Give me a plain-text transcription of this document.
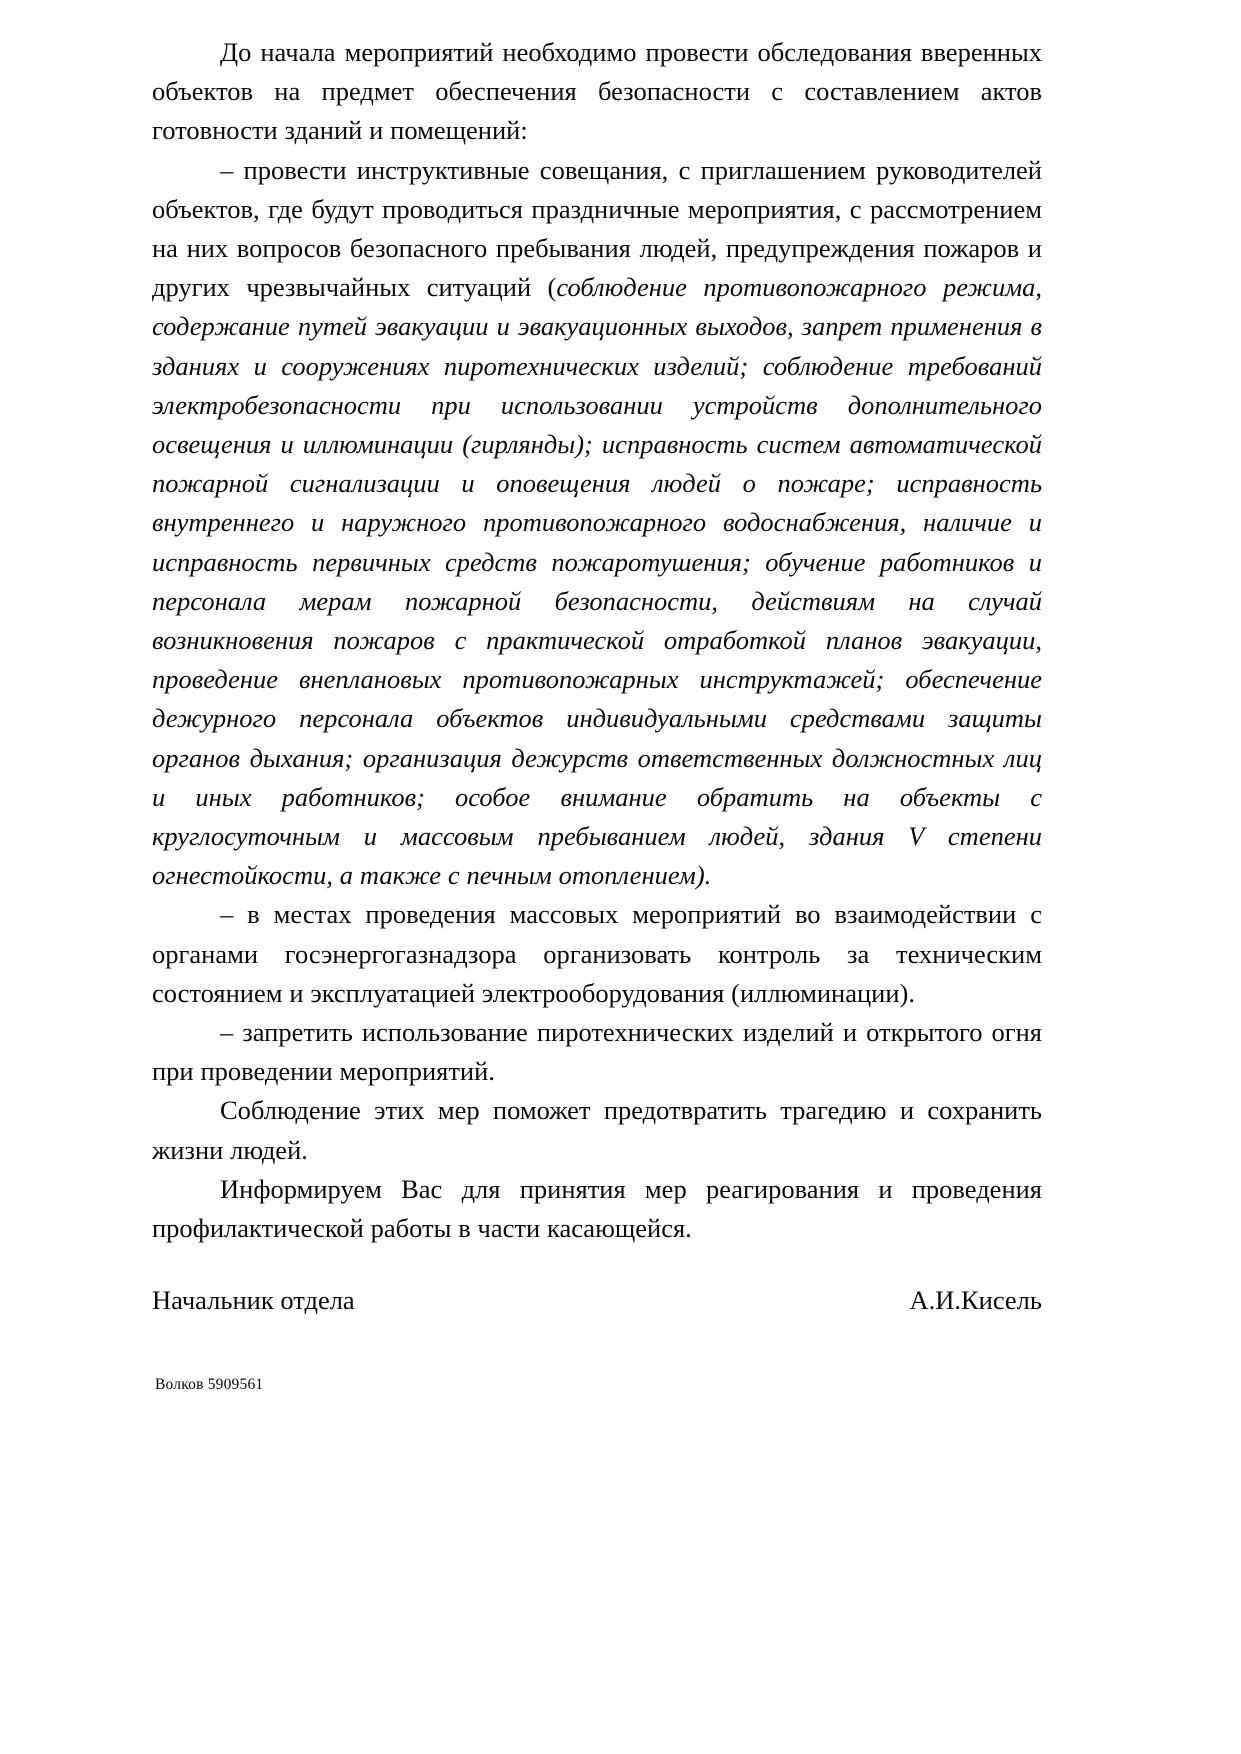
До начала мероприятий необходимо провести обследования вверенных объектов на предмет обеспечения безопасности с составлением актов готовности зданий и помещений:

– провести инструктивные совещания, с приглашением руководителей объектов, где будут проводиться праздничные мероприятия, с рассмотрением на них вопросов безопасного пребывания людей, предупреждения пожаров и других чрезвычайных ситуаций (соблюдение противопожарного режима, содержание путей эвакуации и эвакуационных выходов, запрет применения в зданиях и сооружениях пиротехнических изделий; соблюдение требований электробезопасности при использовании устройств дополнительного освещения и иллюминации (гирлянды); исправность систем автоматической пожарной сигнализации и оповещения людей о пожаре; исправность внутреннего и наружного противопожарного водоснабжения, наличие и исправность первичных средств пожаротушения; обучение работников и персонала мерам пожарной безопасности, действиям на случай возникновения пожаров с практической отработкой планов эвакуации, проведение внеплановых противопожарных инструктажей; обеспечение дежурного персонала объектов индивидуальными средствами защиты органов дыхания; организация дежурств ответственных должностных лиц и иных работников; особое внимание обратить на объекты с круглосуточным и массовым пребыванием людей, здания V степени огнестойкости, а также с печным отоплением).

– в местах проведения массовых мероприятий во взаимодействии с органами госэнергогазнадзора организовать контроль за техническим состоянием и эксплуатацией электрооборудования (иллюминации).

– запретить использование пиротехнических изделий и открытого огня при проведении мероприятий.

Соблюдение этих мер поможет предотвратить трагедию и сохранить жизни людей.

Информируем Вас для принятия мер реагирования и проведения профилактической работы в части касающейся.

Начальник отдела	А.И.Кисель
Волков 5909561
